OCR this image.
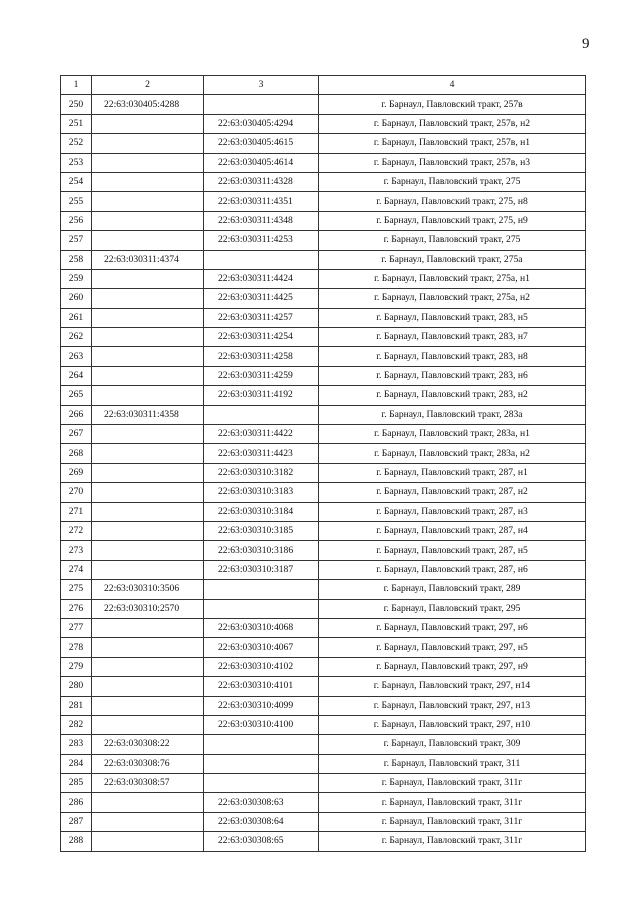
9
1	2	3	4
250	22:63:030405:4288		г. Барнаул, Павловский тракт, 257в
251		22:63:030405:4294	г. Барнаул, Павловский тракт, 257в, н2
252		22:63:030405:4615	г. Барнаул, Павловский тракт, 257в, н1
253		22:63:030405:4614	г. Барнаул, Павловский тракт, 257в, н3
254		22:63:030311:4328	г. Барнаул, Павловский тракт, 275
255		22:63:030311:4351	г. Барнаул, Павловский тракт, 275, н8
256		22:63:030311:4348	г. Барнаул, Павловский тракт, 275, н9
257		22:63:030311:4253	г. Барнаул, Павловский тракт, 275
258	22:63:030311:4374		г. Барнаул, Павловский тракт, 275а
259		22:63:030311:4424	г. Барнаул, Павловский тракт, 275а, н1
260		22:63:030311:4425	г. Барнаул, Павловский тракт, 275а, н2
261		22:63:030311:4257	г. Барнаул, Павловский тракт, 283, н5
262		22:63:030311:4254	г. Барнаул, Павловский тракт, 283, н7
263		22:63:030311:4258	г. Барнаул, Павловский тракт, 283, н8
264		22:63:030311:4259	г. Барнаул, Павловский тракт, 283, н6
265		22:63:030311:4192	г. Барнаул, Павловский тракт, 283, н2
266	22:63:030311:4358		г. Барнаул, Павловский тракт, 283а
267		22:63:030311:4422	г. Барнаул, Павловский тракт, 283а, н1
268		22:63:030311:4423	г. Барнаул, Павловский тракт, 283а, н2
269		22:63:030310:3182	г. Барнаул, Павловский тракт, 287, н1
270		22:63:030310:3183	г. Барнаул, Павловский тракт, 287, н2
271		22:63:030310:3184	г. Барнаул, Павловский тракт, 287, н3
272		22:63:030310:3185	г. Барнаул, Павловский тракт, 287, н4
273		22:63:030310:3186	г. Барнаул, Павловский тракт, 287, н5
274		22:63:030310:3187	г. Барнаул, Павловский тракт, 287, н6
275	22:63:030310:3506		г. Барнаул, Павловский тракт, 289
276	22:63:030310:2570		г. Барнаул, Павловский тракт, 295
277		22:63:030310:4068	г. Барнаул, Павловский тракт, 297, н6
278		22:63:030310:4067	г. Барнаул, Павловский тракт, 297, н5
279		22:63:030310:4102	г. Барнаул, Павловский тракт, 297, н9
280		22:63:030310:4101	г. Барнаул, Павловский тракт, 297, н14
281		22:63:030310:4099	г. Барнаул, Павловский тракт, 297, н13
282		22:63:030310:4100	г. Барнаул, Павловский тракт, 297, н10
283	22:63:030308:22		г. Барнаул, Павловский тракт, 309
284	22:63:030308:76		г. Барнаул, Павловский тракт, 311
285	22:63:030308:57		г. Барнаул, Павловский тракт, 311г
286		22:63:030308:63	г. Барнаул, Павловский тракт, 311г
287		22:63:030308:64	г. Барнаул, Павловский тракт, 311г
288		22:63:030308:65	г. Барнаул, Павловский тракт, 311г
